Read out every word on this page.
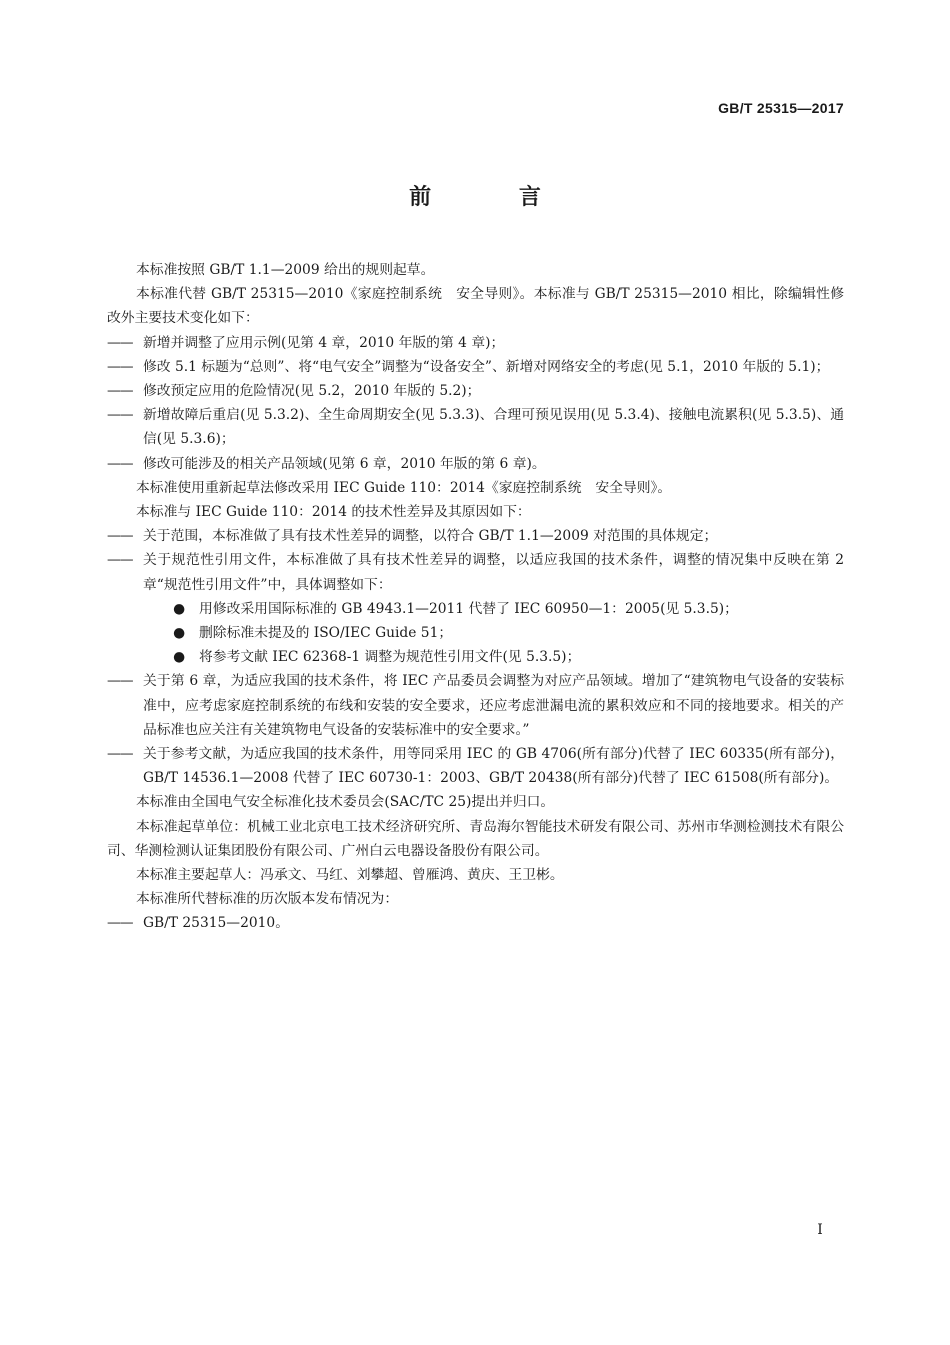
GB/T 25315—2017
前 言

本标准按照 GB/T 1.1—2009 给出的规则起草。

本标准代替 GB/T 25315—2010《家庭控制系统　安全导则》。本标准与 GB/T 25315—2010 相比，除编辑性修改外主要技术变化如下：

—— 新增并调整了应用示例(见第 4 章，2010 年版的第 4 章)；
—— 修改 5.1 标题为“总则”、将“电气安全”调整为“设备安全”、新增对网络安全的考虑(见 5.1，2010 年版的 5.1)；
—— 修改预定应用的危险情况(见 5.2，2010 年版的 5.2)；
—— 新增故障后重启(见 5.3.2)、全生命周期安全(见 5.3.3)、合理可预见误用(见 5.3.4)、接触电流累积(见 5.3.5)、通信(见 5.3.6)；
—— 修改可能涉及的相关产品领域(见第 6 章，2010 年版的第 6 章)。

本标准使用重新起草法修改采用 IEC Guide 110：2014《家庭控制系统　安全导则》。

本标准与 IEC Guide 110：2014 的技术性差异及其原因如下：

—— 关于范围，本标准做了具有技术性差异的调整，以符合 GB/T 1.1—2009 对范围的具体规定；
—— 关于规范性引用文件，本标准做了具有技术性差异的调整，以适应我国的技术条件，调整的情况集中反映在第 2 章“规范性引用文件”中，具体调整如下：
●	用修改采用国际标准的 GB 4943.1—2011 代替了 IEC 60950—1：2005(见 5.3.5)；
●	删除标准未提及的 ISO/IEC Guide 51；
●	将参考文献 IEC 62368-1 调整为规范性引用文件(见 5.3.5)；
—— 关于第 6 章，为适应我国的技术条件，将 IEC 产品委员会调整为对应产品领域。增加了“建筑物电气设备的安装标准中，应考虑家庭控制系统的布线和安装的安全要求，还应考虑泄漏电流的累积效应和不同的接地要求。相关的产品标准也应关注有关建筑物电气设备的安装标准中的安全要求。”
—— 关于参考文献，为适应我国的技术条件，用等同采用 IEC 的 GB 4706(所有部分)代替了 IEC 60335(所有部分)，GB/T 14536.1—2008 代替了 IEC 60730-1：2003、GB/T 20438(所有部分)代替了 IEC 61508(所有部分)。

本标准由全国电气安全标准化技术委员会(SAC/TC 25)提出并归口。

本标准起草单位：机械工业北京电工技术经济研究所、青岛海尔智能技术研发有限公司、苏州市华测检测技术有限公司、华测检测认证集团股份有限公司、广州白云电器设备股份有限公司。

本标准主要起草人：冯承文、马红、刘攀超、曾雁鸿、黄庆、王卫彬。

本标准所代替标准的历次版本发布情况为：

—— GB/T 25315—2010。
I
